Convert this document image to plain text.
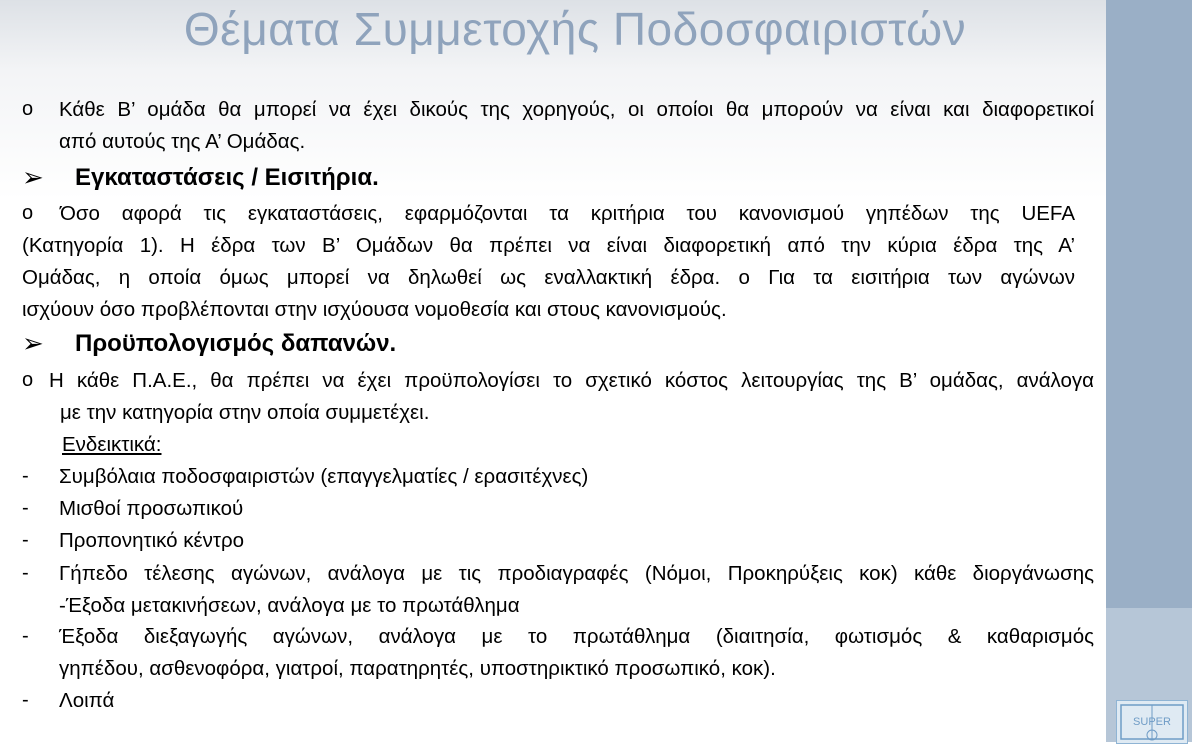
SUPER
Θέματα Συμμετοχής Ποδοσφαιριστών
o Κάθε Β’ ομάδα θα μπορεί να έχει δικούς της χορηγούς, οι οποίοι θα μπορούν να είναι και διαφορετικοί
από αυτούς της Α’ Ομάδας.
➢ Εγκαταστάσεις / Εισιτήρια.
o Όσο αφορά τις εγκαταστάσεις, εφαρμόζονται τα κριτήρια του κανονισμού γηπέδων της UEFA
(Κατηγορία 1). Η έδρα των Β’ Ομάδων θα πρέπει να είναι διαφορετική από την κύρια έδρα της Α’
Ομάδας, η οποία όμως μπορεί να δηλωθεί ως εναλλακτική έδρα. o Για τα εισιτήρια των αγώνων
ισχύουν όσο προβλέπονται στην ισχύουσα νομοθεσία και στους κανονισμούς.
➢ Προϋπολογισμός δαπανών.
o Η κάθε Π.Α.Ε., θα πρέπει να έχει προϋπολογίσει το σχετικό κόστος λειτουργίας της Β’ ομάδας, ανάλογα
με την κατηγορία στην οποία συμμετέχει.
Ενδεικτικά:
- Συμβόλαια ποδοσφαιριστών (επαγγελματίες / ερασιτέχνες)
- Μισθοί προσωπικού
- Προπονητικό κέντρο
- Γήπεδο τέλεσης αγώνων, ανάλογα με τις προδιαγραφές (Νόμοι, Προκηρύξεις κοκ) κάθε διοργάνωσης
-Έξοδα μετακινήσεων, ανάλογα με το πρωτάθλημα
- Έξοδα διεξαγωγής αγώνων, ανάλογα με το πρωτάθλημα (διαιτησία, φωτισμός & καθαρισμός
γηπέδου, ασθενοφόρα, γιατροί, παρατηρητές, υποστηρικτικό προσωπικό, κοκ).
- Λοιπά
